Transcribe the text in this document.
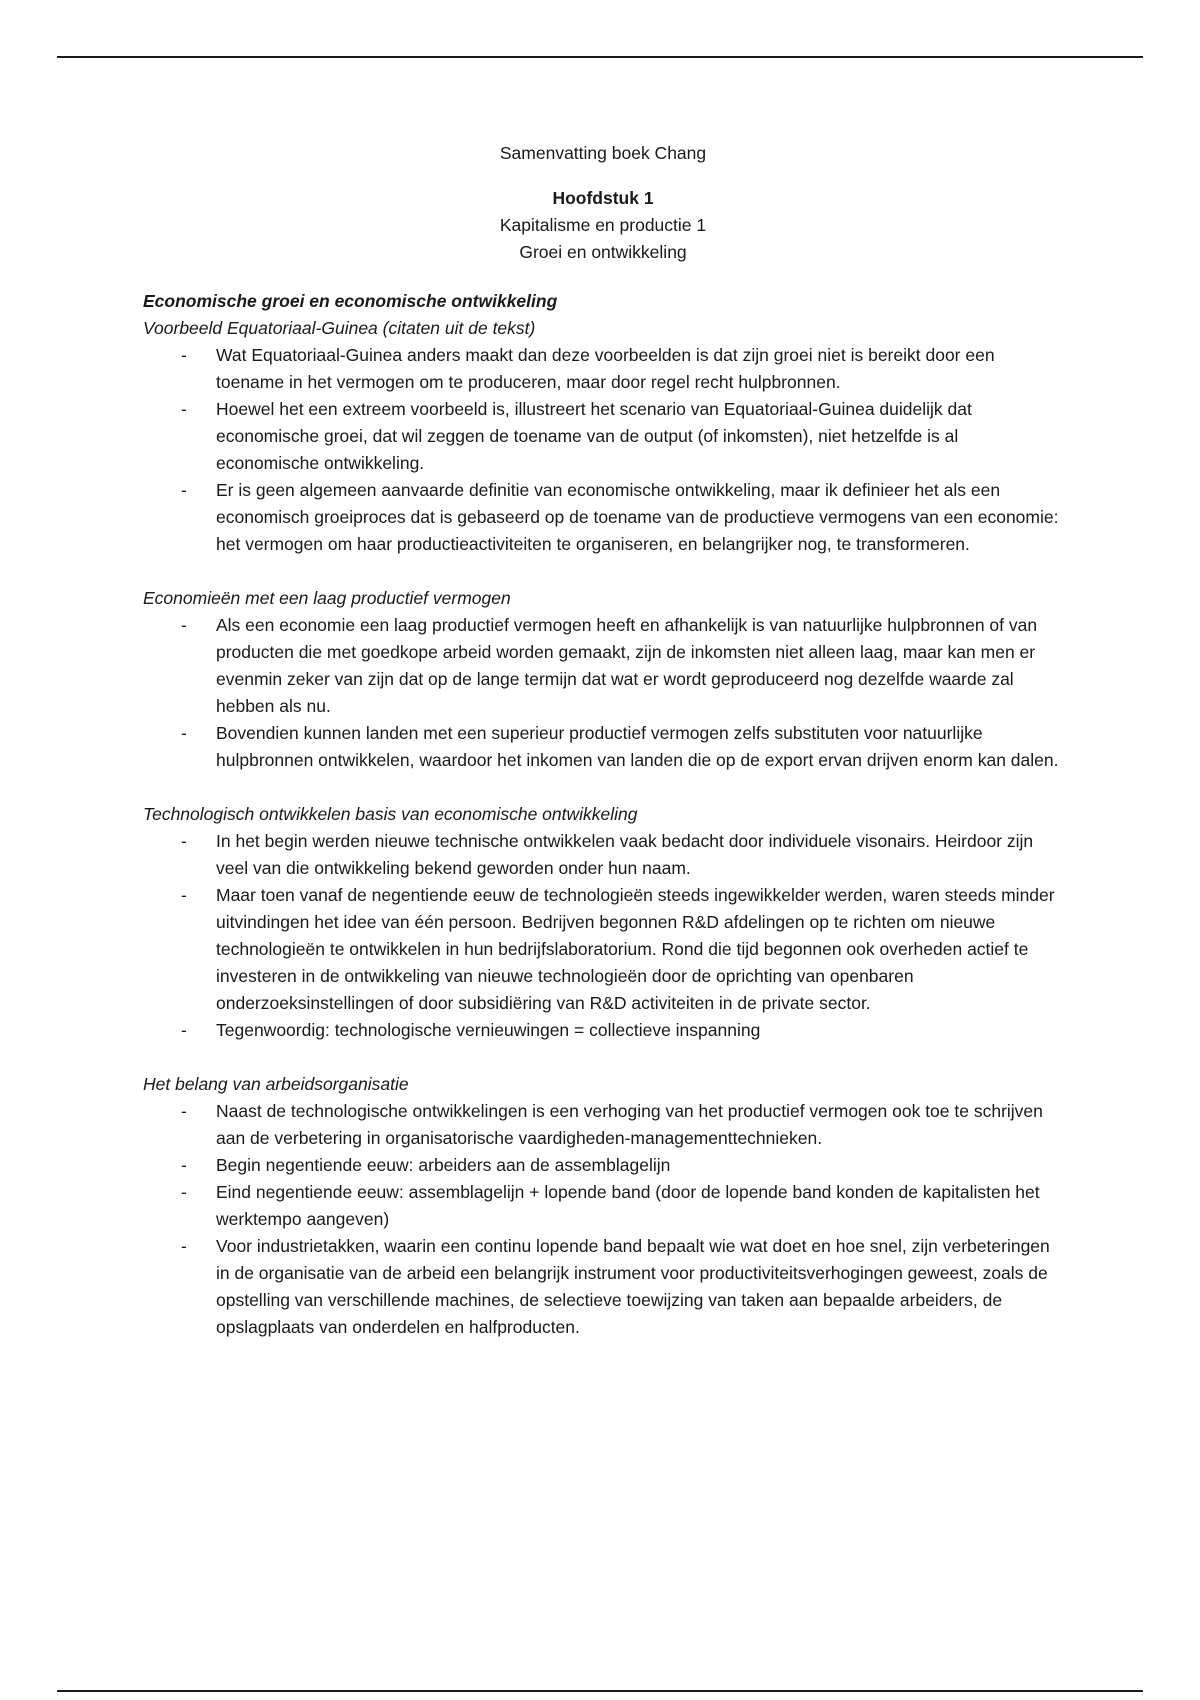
Samenvatting boek Chang
Hoofdstuk 1
Kapitalisme en productie 1
Groei en ontwikkeling
Economische groei en economische ontwikkeling
Voorbeeld Equatoriaal-Guinea (citaten uit de tekst)
- Wat Equatoriaal-Guinea anders maakt dan deze voorbeelden is dat zijn groei niet is bereikt door een toename in het vermogen om te produceren, maar door regel recht hulpbronnen.
- Hoewel het een extreem voorbeeld is, illustreert het scenario van Equatoriaal-Guinea duidelijk dat economische groei, dat wil zeggen de toename van de output (of inkomsten), niet hetzelfde is al economische ontwikkeling.
- Er is geen algemeen aanvaarde definitie van economische ontwikkeling, maar ik definieer het als een economisch groeiproces dat is gebaseerd op de toename van de productieve vermogens van een economie: het vermogen om haar productieactiviteiten te organiseren, en belangrijker nog, te transformeren.
Economieën met een laag productief vermogen
- Als een economie een laag productief vermogen heeft en afhankelijk is van natuurlijke hulpbronnen of van producten die met goedkope arbeid worden gemaakt, zijn de inkomsten niet alleen laag, maar kan men er evenmin zeker van zijn dat op de lange termijn dat wat er wordt geproduceerd nog dezelfde waarde zal hebben als nu.
- Bovendien kunnen landen met een superieur productief vermogen zelfs substituten voor natuurlijke hulpbronnen ontwikkelen, waardoor het inkomen van landen die op de export ervan drijven enorm kan dalen.
Technologisch ontwikkelen basis van economische ontwikkeling
- In het begin werden nieuwe technische ontwikkelen vaak bedacht door individuele visonairs. Heirdoor zijn veel van die ontwikkeling bekend geworden onder hun naam.
- Maar toen vanaf de negentiende eeuw de technologieën steeds ingewikkelder werden, waren steeds minder uitvindingen het idee van één persoon. Bedrijven begonnen R&D afdelingen op te richten om nieuwe technologieën te ontwikkelen in hun bedrijfslaboratorium. Rond die tijd begonnen ook overheden actief te investeren in de ontwikkeling van nieuwe technologieën door de oprichting van openbaren onderzoeksinstellingen of door subsidiëring van R&D activiteiten in de private sector.
- Tegenwoordig: technologische vernieuwingen = collectieve inspanning
Het belang van arbeidsorganisatie
- Naast de technologische ontwikkelingen is een verhoging van het productief vermogen ook toe te schrijven aan de verbetering in organisatorische vaardigheden-managementtechnieken.
- Begin negentiende eeuw: arbeiders aan de assemblagelijn
- Eind negentiende eeuw: assemblagelijn + lopende band (door de lopende band konden de kapitalisten het werktempo aangeven)
- Voor industrietakken, waarin een continu lopende band bepaalt wie wat doet en hoe snel, zijn verbeteringen in de organisatie van de arbeid een belangrijk instrument voor productiviteitsverhogingen geweest, zoals de opstelling van verschillende machines, de selectieve toewijzing van taken aan bepaalde arbeiders, de opslagplaats van onderdelen en halfproducten.
